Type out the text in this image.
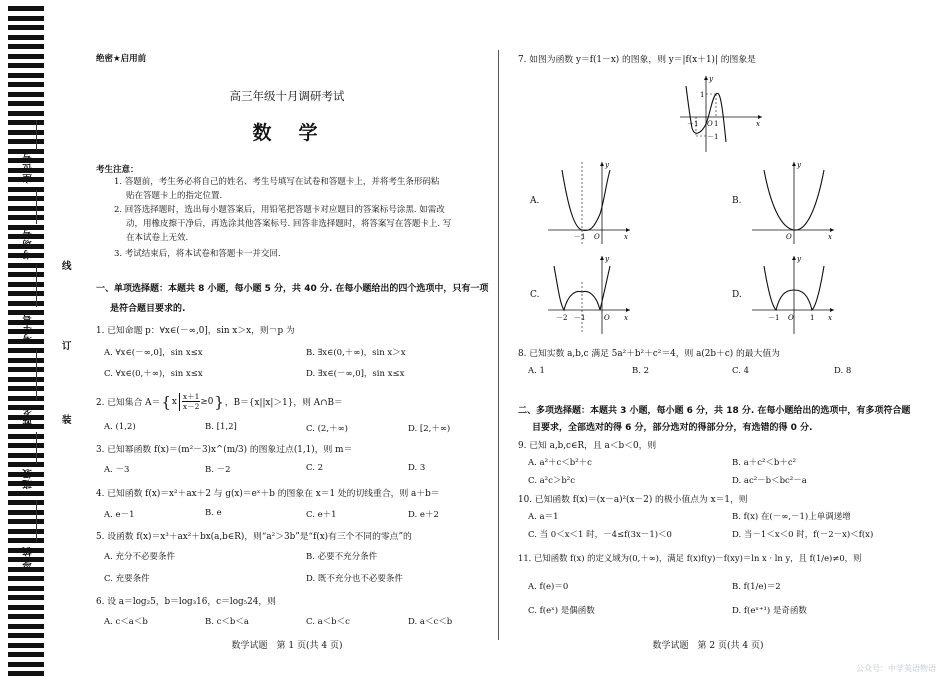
座位号
考场号
考生号
姓名
班级
学校
线
订
装
绝密★启用前
高三年级十月调研考试
数　学
考生注意：
1. 答题前，考生务必将自己的姓名、考生号填写在试卷和答题卡上，并将考生条形码粘
贴在答题卡上的指定位置.
2. 回答选择题时，选出每小题答案后，用铅笔把答题卡对应题目的答案标号涂黑. 如需改
动，用橡皮擦干净后，再选涂其他答案标号. 回答非选择题时，将答案写在答题卡上. 写
在本试卷上无效.
3. 考试结束后，将本试卷和答题卡一并交回.
一、单项选择题：本题共 8 小题，每小题 5 分，共 40 分. 在每小题给出的四个选项中，只有一项
是符合题目要求的.
1. 已知命题 p：∀x∈(－∞,0]，sin x＞x，则￢p 为
A. ∀x∈(－∞,0]，sin x≤x	B. ∃x∈(0,＋∞)，sin x＞x
C. ∀x∈(0,＋∞)，sin x≤x	D. ∃x∈(－∞,0]，sin x≤x
2. 已知集合 A＝ { x $\frac{x+1}{x-2} \ge 0$ } ，B＝{x||x|＞1}，则 A∩B＝
A. (1,2)	B. [1,2]	C. (2,＋∞)	D. [2,＋∞)
3. 已知幂函数 f(x)＝(m²－3)x^(m/3) 的图象过点(1,1)，则 m＝
A. －3	B. －2	C. 2	D. 3
4. 已知函数 f(x)＝x²＋ax＋2 与 g(x)＝eˣ＋b 的图象在 x＝1 处的切线重合，则 a＋b＝
A. e－1	B. e	C. e＋1	D. e＋2
5. 设函数 f(x)＝x³＋ax²＋bx(a,b∈R)，则“a²＞3b”是“f(x)有三个不同的零点”的
A. 充分不必要条件	B. 必要不充分条件
C. 充要条件	D. 既不充分也不必要条件
6. 设 a＝log₂5，b＝log₃16，c＝log₅24，则
A. c＜a＜b	B. c＜b＜a	C. a＜b＜c	D. a＜c＜b
数学试题　第 1 页(共 4 页)
7. 如图为函数 y＝f(1－x) 的图象，则 y＝|f(x＋1)| 的图象是
1
－1
－1 O 1	x
y
A.
－1 O	x
y
B.
O	x
y
C.
－2 －1	O x
y
D.
－1 O 1 x
y
8. 已知实数 a,b,c 满足 5a²＋b²＋c²＝4，则 a(2b＋c) 的最大值为
A. 1	B. 2	C. 4	D. 8
二、多项选择题：本题共 3 小题，每小题 6 分，共 18 分. 在每小题给出的选项中，有多项符合题
目要求，全部选对的得 6 分，部分选对的得部分分，有选错的得 0 分.
9. 已知 a,b,c∈R，且 a＜b＜0，则
A. a²＋c＜b²＋c	B. a＋c²＜b＋c²
C. a²c＞b²c	D. ac²－b＜bc²－a
10. 已知函数 f(x)＝(x－a)²(x－2) 的极小值点为 x＝1，则
A. a＝1	B. f(x) 在(－∞,－1)上单调递增
C. 当 0＜x＜1 时，－4≤f(3x－1)＜0	D. 当－1＜x＜0 时，f(－2－x)＜f(x)
11. 已知函数 f(x) 的定义域为(0,＋∞)，满足 f(x)f(y)－f(xy)＝ln x · ln y，且 f(1/e)≠0，则
A. f(e)＝0	B. f(1/e)＝2
C. f(eˣ) 是偶函数	D. f(eˣ⁺¹) 是奇函数
数学试题　第 2 页(共 4 页)
公众号：中学英语物语
